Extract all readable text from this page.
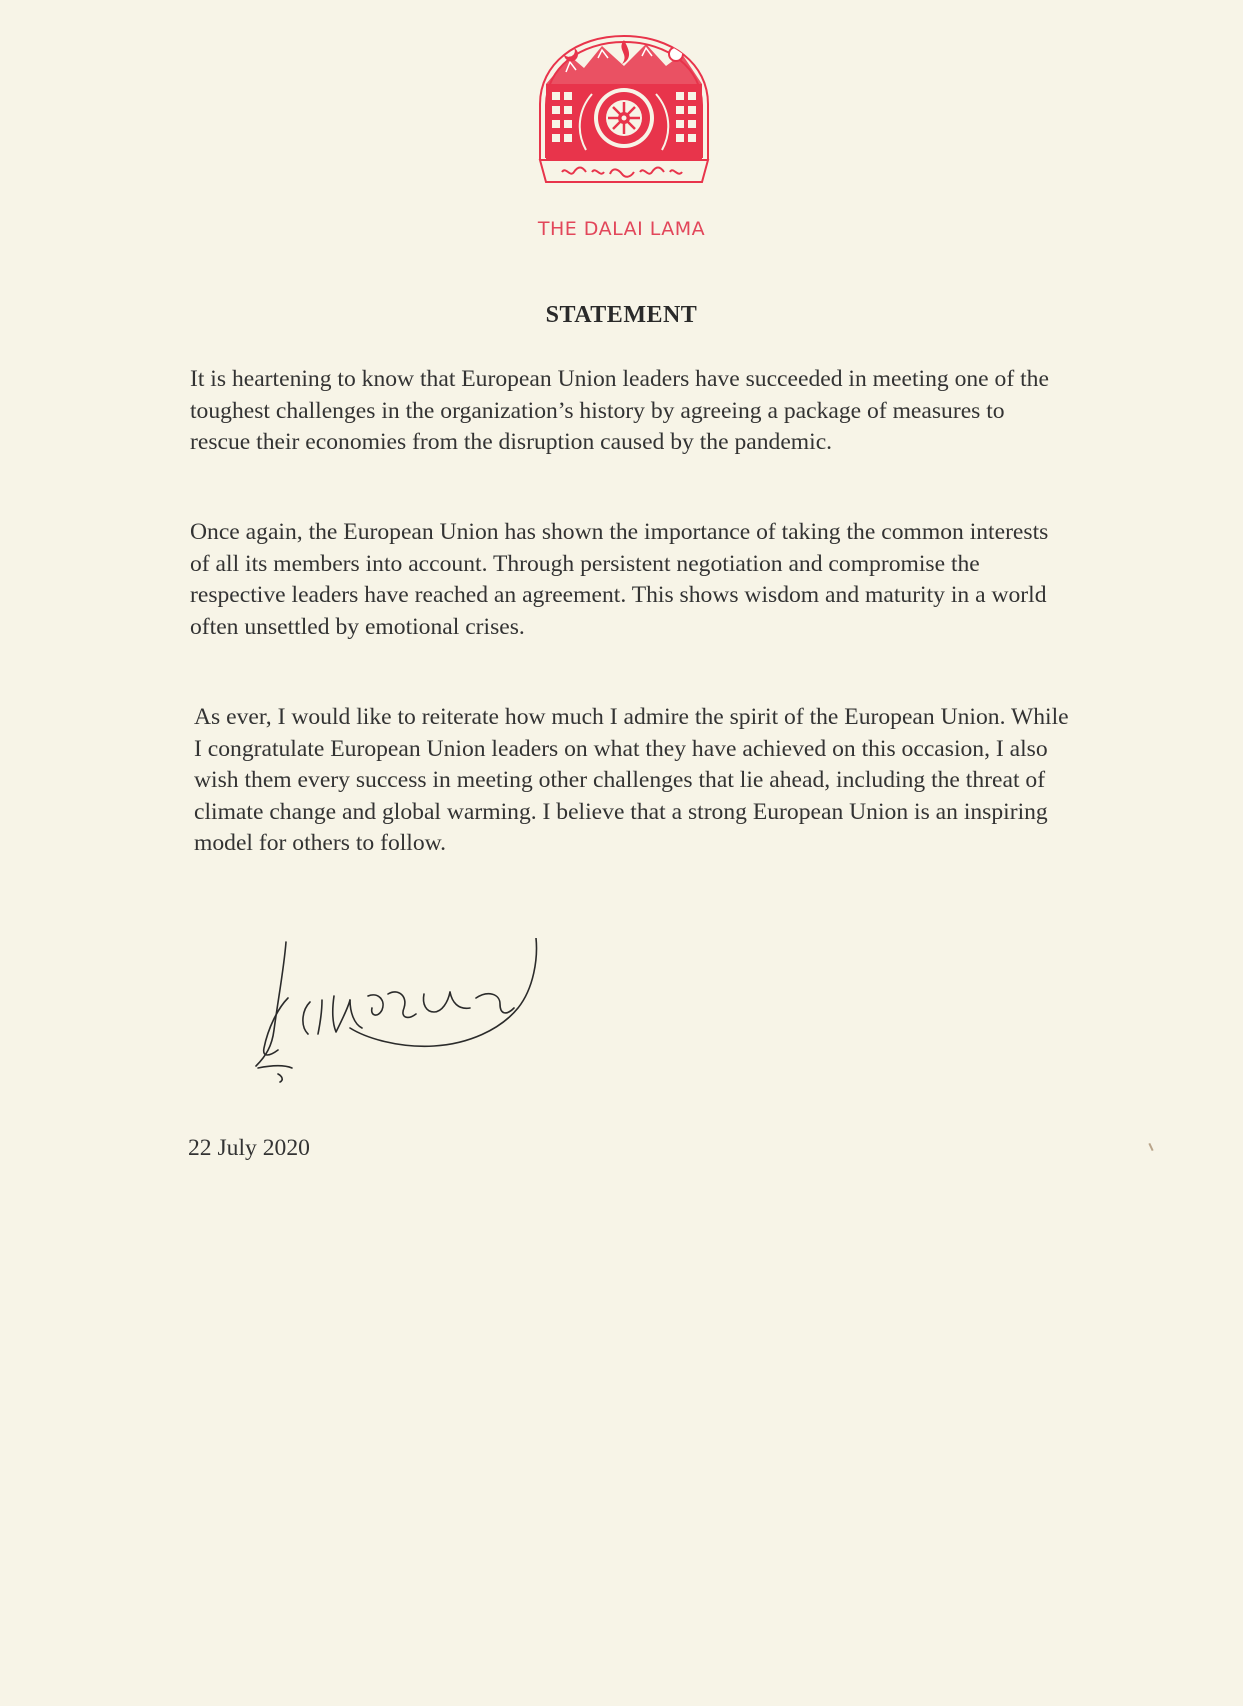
THE DALAI LAMA
STATEMENT

It is heartening to know that European Union leaders have succeeded in meeting one of the toughest challenges in the organization’s history by agreeing a package of measures to rescue their economies from the disruption caused by the pandemic.

Once again, the European Union has shown the importance of taking the common interests of all its members into account. Through persistent negotiation and compromise the respective leaders have reached an agreement. This shows wisdom and maturity in a world often unsettled by emotional crises.

As ever, I would like to reiterate how much I admire the spirit of the European Union. While I congratulate European Union leaders on what they have achieved on this occasion, I also wish them every success in meeting other challenges that lie ahead, including the threat of climate change and global warming. I believe that a strong European Union is an inspiring model for others to follow.

22 July 2020
